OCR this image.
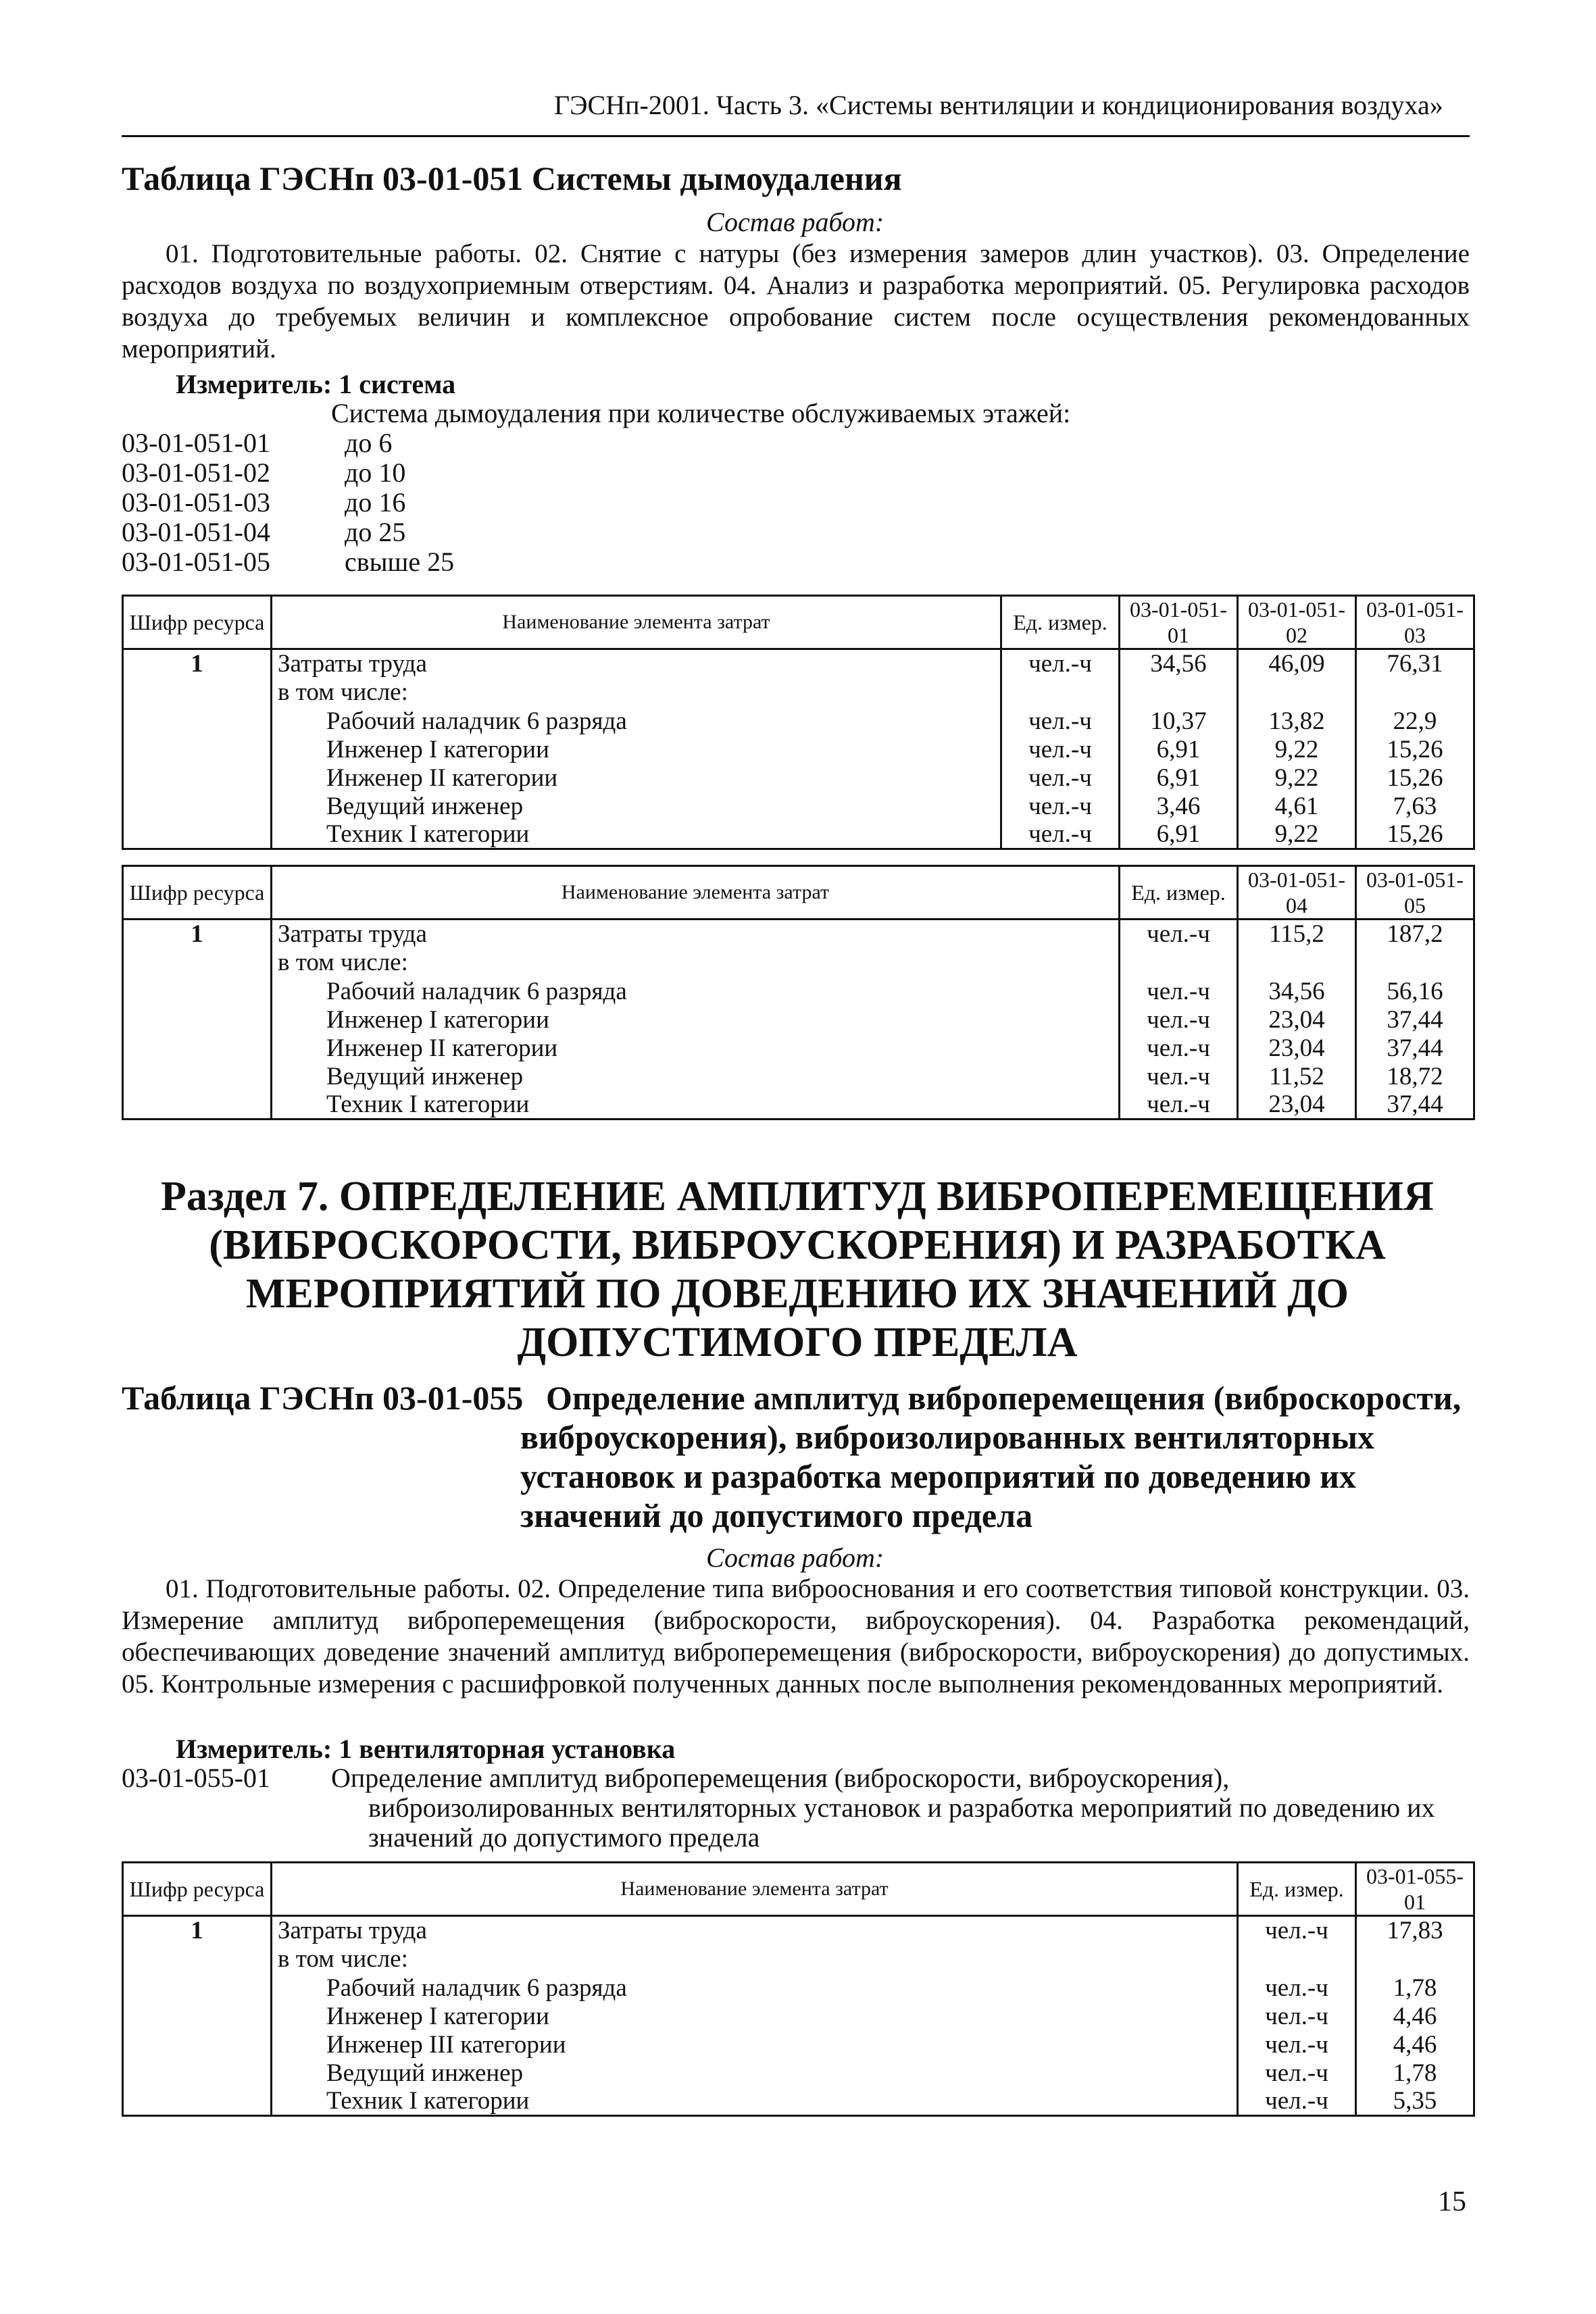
ГЭСНп-2001. Часть 3. «Системы вентиляции и кондиционирования воздуха»
Таблица ГЭСНп 03-01-051 Системы дымоудаления
Состав работ:
01. Подготовительные работы. 02. Снятие с натуры (без измерения замеров длин участков). 03. Определение расходов воздуха по воздухоприемным отверстиям. 04. Анализ и разработка мероприятий. 05. Регулировка расходов воздуха до требуемых величин и комплексное опробование систем после осуществления рекомендованных мероприятий.
Измеритель: 1 система
Система дымоудаления при количестве обслуживаемых этажей:
03-01-051-01	до 6
03-01-051-02	до 10
03-01-051-03	до 16
03-01-051-04	до 25
03-01-051-05	свыше 25
Шифр ресурса	Наименование элемента затрат	Ед. измер.	03-01-051-01	03-01-051-02	03-01-051-03
1	Затраты труда	чел.-ч	34,56	46,09	76,31
	в том числе:				
	Рабочий наладчик 6 разряда	чел.-ч	10,37	13,82	22,9
	Инженер I категории	чел.-ч	6,91	9,22	15,26
	Инженер II категории	чел.-ч	6,91	9,22	15,26
	Ведущий инженер	чел.-ч	3,46	4,61	7,63
	Техник I категории	чел.-ч	6,91	9,22	15,26
Шифр ресурса	Наименование элемента затрат	Ед. измер.	03-01-051-04	03-01-051-05
1	Затраты труда	чел.-ч	115,2	187,2
	в том числе:			
	Рабочий наладчик 6 разряда	чел.-ч	34,56	56,16
	Инженер I категории	чел.-ч	23,04	37,44
	Инженер II категории	чел.-ч	23,04	37,44
	Ведущий инженер	чел.-ч	11,52	18,72
	Техник I категории	чел.-ч	23,04	37,44
Раздел 7. ОПРЕДЕЛЕНИЕ АМПЛИТУД ВИБРОПЕРЕМЕЩЕНИЯ
(ВИБРОСКОРОСТИ, ВИБРОУСКОРЕНИЯ) И РАЗРАБОТКА
МЕРОПРИЯТИЙ ПО ДОВЕДЕНИЮ ИХ ЗНАЧЕНИЙ ДО
ДОПУСТИМОГО ПРЕДЕЛА
Таблица ГЭСНп 03-01-055 Определение амплитуд виброперемещения (виброскорости,
виброускорения), виброизолированных вентиляторных
установок и разработка мероприятий по доведению их
значений до допустимого предела
Состав работ:
01. Подготовительные работы. 02. Определение типа виброоснования и его соответствия типовой конструкции. 03. Измерение амплитуд виброперемещения (виброскорости, виброускорения). 04. Разработка рекомендаций, обеспечивающих доведение значений амплитуд виброперемещения (виброскорости, виброускорения) до допустимых. 05. Контрольные измерения с расшифровкой полученных данных после выполнения рекомендованных мероприятий.
Измеритель: 1 вентиляторная установка
03-01-055-01 Определение амплитуд виброперемещения (виброскорости, виброускорения),
виброизолированных вентиляторных установок и разработка мероприятий по доведению их
значений до допустимого предела
Шифр ресурса	Наименование элемента затрат	Ед. измер.	03-01-055-01
1	Затраты труда	чел.-ч	17,83
	в том числе:		
	Рабочий наладчик 6 разряда	чел.-ч	1,78
	Инженер I категории	чел.-ч	4,46
	Инженер III категории	чел.-ч	4,46
	Ведущий инженер	чел.-ч	1,78
	Техник I категории	чел.-ч	5,35
15
